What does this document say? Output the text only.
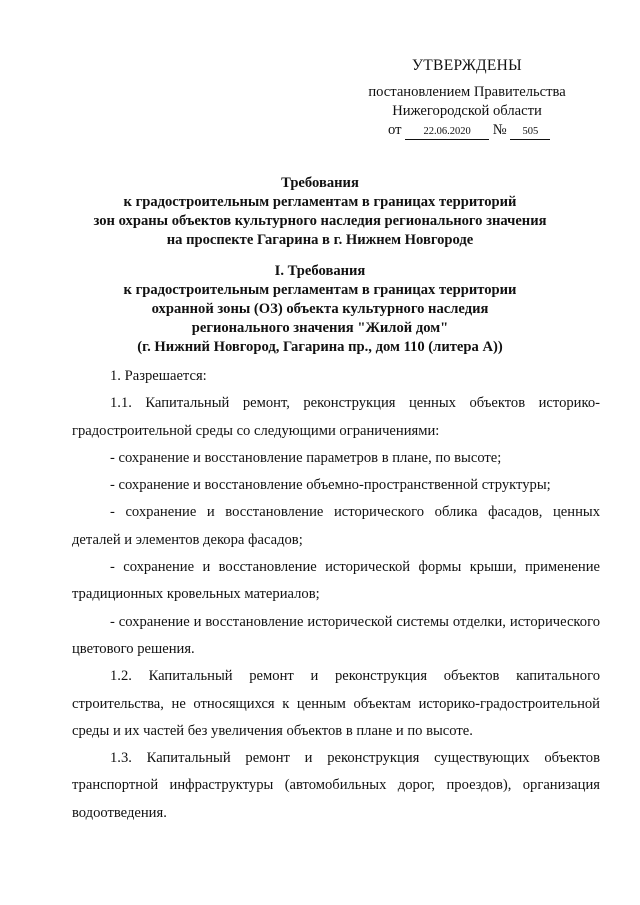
УТВЕРЖДЕНЫ
постановлением Правительства
Нижегородской области
от 22.06.2020 № 505
Требования
к градостроительным регламентам в границах территорий
зон охраны объектов культурного наследия регионального значения
на проспекте Гагарина в г. Нижнем Новгороде
I. Требования
к градостроительным регламентам в границах территории
охранной зоны (ОЗ) объекта культурного наследия
регионального значения "Жилой дом"
(г. Нижний Новгород, Гагарина пр., дом 110 (литера А))

1. Разрешается:

1.1. Капитальный ремонт, реконструкция ценных объектов историко-градостроительной среды со следующими ограничениями:

- сохранение и восстановление параметров в плане, по высоте;

- сохранение и восстановление объемно-пространственной структуры;

- сохранение и восстановление исторического облика фасадов, ценных деталей и элементов декора фасадов;

- сохранение и восстановление исторической формы крыши, применение традиционных кровельных материалов;

- сохранение и восстановление исторической системы отделки, исторического цветового решения.

1.2. Капитальный ремонт и реконструкция объектов капитального строительства, не относящихся к ценным объектам историко-градостроительной среды и их частей без увеличения объектов в плане и по высоте.

1.3. Капитальный ремонт и реконструкция существующих объектов транспортной инфраструктуры (автомобильных дорог, проездов), организация водоотведения.
